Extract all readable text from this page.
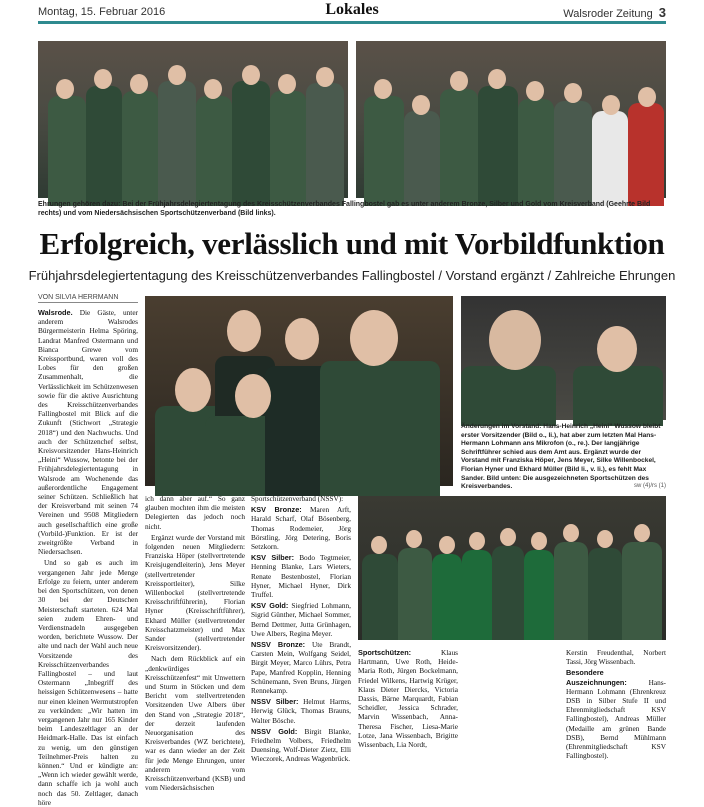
Montag, 15. Februar 2016	Lokales	Walsroder Zeitung 3
Ehrungen gehören dazu: Bei der Frühjahrsdelegiertentagung des Kreisschützenverbandes Fallingbostel gab es unter anderem Bronze, Silber und Gold vom Kreisverband (Geehrte Bild rechts) und vom Niedersächsischen Sportschützenverband (Bild links).
Erfolgreich, verlässlich und mit Vorbildfunktion
Frühjahrsdelegiertentagung des Kreisschützenverbandes Fallingbostel / Vorstand ergänzt / Zahlreiche Ehrungen
VON SILVIA HERRMANN
Änderungen im Vorstand: Hans-Heinrich „Heini“ Wussow bleibt erster Vorsitzender (Bild o., li.), hat aber zum letzten Mal Hans-Hermann Lohmann ans Mikrofon (o., re.). Der langjährige Schriftführer schied aus dem Amt aus. Ergänzt wurde der Vorstand mit Franziska Höper, Jens Meyer, Silke Willenbockel, Florian Hyner und Ekhard Müller (Bild li., v. li.), es fehlt Max Sander. Bild unten: Die ausgezeichneten Sportschützen des Kreisverbandes.	sw (4)/rs (1)

Walsrode. Die Gäste, unter anderem Walsrodes Bürgermeisterin Helma Spöring, Landrat Manfred Ostermann und Bianca Grewe vom Kreissportbund, waren voll des Lobes für den großen Zusammenhalt, die Verlässlichkeit im Schützenwesen sowie für die aktive Ausrichtung des Kreisschützenverbandes Fallingbostel mit Blick auf die Zukunft (Stichwort „Strategie 2018“) und den Nachwuchs. Und auch der Schützenchef selbst, Kreisvorsitzender Hans-Heinrich „Heini“ Wussow, betonte bei der Frühjahrsdelegiertentagung in Walsrode am Wochenende das außerordentliche Engagement seiner Schützen. Schließlich hat der Kreisverband mit seinen 74 Vereinen und 9508 Mitgliedern auch gesellschaftlich eine große (Vorbild-)Funktion. Er ist der zweitgrößte Verband in Niedersachsen.

Und so gab es auch im vergangenen Jahr jede Menge Erfolge zu feiern, unter anderem bei den Sportschützen, von denen 30 bei der Deutschen Meisterschaft starteten. 624 Mal seien zudem Ehren- und Verdienstnadeln ausgegeben worden, berichtete Wussow. Der alte und nach der Wahl auch neue Vorsitzende des Kreisschützenverbandes Fallingbostel – und laut Ostermann „Inbegriff des heissigen Schützenwesens – hatte nur einen kleinen Wermutstropfen zu verkünden: „Wir hatten im vergangenen Jahr nur 165 Kinder beim Landeszeltlager an der Heidmark-Halle. Das ist einfach zu wenig, um den günstigen Teilnehmer-Preis halten zu können.“ Und er kündigte an: „Wenn ich wieder gewählt werde, dann schaffe ich ja wohl auch noch das 50. Zeltlager, danach höre

ich dann aber auf.“ So ganz glauben mochten ihm die meisten Delegierten das jedoch noch nicht.

Ergänzt wurde der Vorstand mit folgenden neuen Mitgliedern: Franziska Höper (stellvertretende Kreisjugendleiterin), Jens Meyer (stellvertretender Kreissportleiter), Silke Willenbockel (stellvertretende Kreisschriftführerin), Florian Hyner (Kreisschriftführer), Ekhard Müller (stellvertretender Kreisschatzmeister) und Max Sander (stellvertretender Kreisvorsitzender).

Nach dem Rückblick auf ein „denkwürdiges Kreisschützenfest“ mit Unwettern und Sturm in Stöcken und dem Bericht vom stellvertretenden Vorsitzenden Uwe Albers über den Stand von „Strategie 2018“, der derzeit laufenden Neuorganisation des Kreisverbandes (WZ berichtete), war es dann wieder an der Zeit für jede Menge Ehrungen, unter anderem vom Kreisschützenverband (KSB) und vom Niedersächsischen

Sportschützenverband (NSSV):

KSV Bronze: Maren Arft, Harald Scharf, Olaf Bösenberg, Thomas Rodemeier, Jörg Börstling, Jörg Detering, Boris Setzkorn.

KSV Silber: Bodo Tegtmeier, Henning Blanke, Lars Wieters, Renate Bestenbostel, Florian Hyner, Michael Hyner, Dirk Truffel.

KSV Gold: Siegfried Lohmann, Sigrid Günther, Michael Sommer, Bernd Dettmer, Jutta Grünhagen, Uwe Albers, Regina Meyer.

NSSV Bronze: Ute Brandt, Carsten Mein, Wolfgang Seidel, Birgit Meyer, Marco Lührs, Petra Pape, Manfred Kopplin, Henning Schünemann, Sven Bruns, Jürgen Rennekamp.

NSSV Silber: Helmut Harms, Herwig Glück, Thomas Brauns, Walter Bösche.

NSSV Gold: Birgit Blanke, Friedhelm Volbers, Friedhelm Duensing, Wolf-Dieter Zietz, Elli Wieczorek, Andreas Wagenbrück.

Sportschützen:	Klaus Hartmann, Uwe Roth, Heide-Maria Roth, Jürgen Bockelmann, Friedel Wilkens, Hartwig Krüger, Klaus Dieter Diercks, Victoria Dassis, Bärne Marquardt, Fabian Scheidler, Jessica Schrader, Marvin Wissenbach, Anna-Theresa Fischer, Liesa-Marie Lotze, Jana Wissenbach, Brigitte Wissenbach, Lia Nordt,

Kerstin Freudenthal, Norbert Tassi, Jörg Wissenbach.

Besondere Auszeichnungen:	Hans-Hermann Lohmann (Ehrenkreuz DSB in Silber Stufe II und Ehrenmitgliedschaft KSV Fallingbostel), Andreas Müller (Medaille am grünen Bande DSB), Bernd Mühlmann (Ehrenmitgliedschaft KSV Fallingbostel).
